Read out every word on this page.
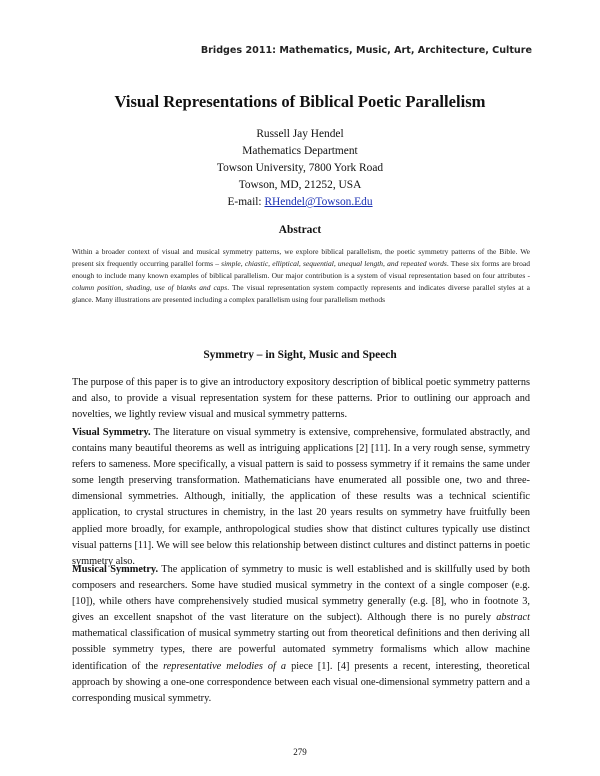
Bridges 2011: Mathematics, Music, Art, Architecture, Culture
Visual Representations of Biblical Poetic Parallelism
Russell Jay Hendel
Mathematics Department
Towson University, 7800 York Road
Towson, MD, 21252, USA
E-mail: RHendel@Towson.Edu
Abstract
Within a broader context of visual and musical symmetry patterns, we explore biblical parallelism, the poetic symmetry patterns of the Bible. We present six frequently occurring parallel forms – simple, chiastic, elliptical, sequential, unequal length, and repeated words. These six forms are broad enough to include many known examples of biblical parallelism. Our major contribution is a system of visual representation based on four attributes - column position, shading, use of blanks and caps. The visual representation system compactly represents and indicates diverse parallel styles at a glance. Many illustrations are presented including a complex parallelism using four parallelism methods
Symmetry – in Sight, Music and Speech
The purpose of this paper is to give an introductory expository description of biblical poetic symmetry patterns and also, to provide a visual representation system for these patterns. Prior to outlining our approach and novelties, we lightly review visual and musical symmetry patterns.
Visual Symmetry. The literature on visual symmetry is extensive, comprehensive, formulated abstractly, and contains many beautiful theorems as well as intriguing applications [2] [11]. In a very rough sense, symmetry refers to sameness. More specifically, a visual pattern is said to possess symmetry if it remains the same under some length preserving transformation. Mathematicians have enumerated all possible one, two and three-dimensional symmetries. Although, initially, the application of these results was a technical scientific application, to crystal structures in chemistry, in the last 20 years results on symmetry have fruitfully been applied more broadly, for example, anthropological studies show that distinct cultures typically use distinct visual patterns [11]. We will see below this relationship between distinct cultures and distinct patterns in poetic symmetry also.
Musical Symmetry. The application of symmetry to music is well established and is skillfully used by both composers and researchers. Some have studied musical symmetry in the context of a single composer (e.g. [10]), while others have comprehensively studied musical symmetry generally (e.g. [8], who in footnote 3, gives an excellent snapshot of the vast literature on the subject). Although there is no purely abstract mathematical classification of musical symmetry starting out from theoretical definitions and then deriving all possible symmetry types, there are powerful automated symmetry formalisms which allow machine identification of the representative melodies of a piece [1]. [4] presents a recent, interesting, theoretical approach by showing a one-one correspondence between each visual one-dimensional symmetry pattern and a corresponding musical symmetry.
279
